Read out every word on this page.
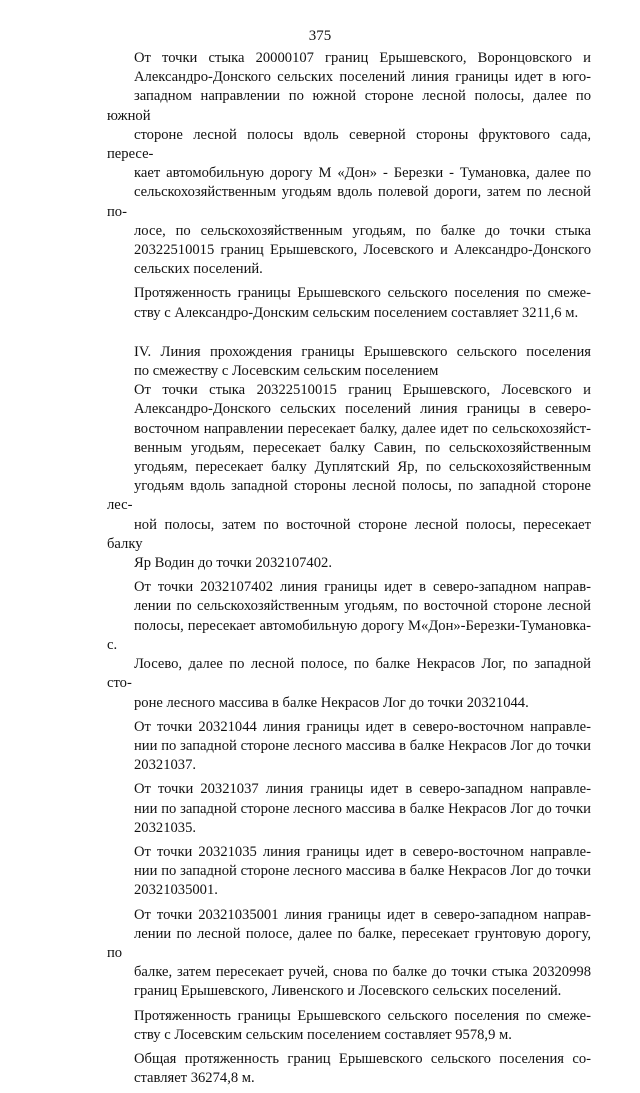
375

От точки стыка 20000107 границ Ерышевского, Воронцовского и
Александро-Донского сельских поселений линия границы идет в юго-
западном направлении по южной стороне лесной полосы, далее по южной
стороне лесной полосы вдоль северной стороны фруктового сада, пересе-
кает автомобильную дорогу М «Дон» - Березки - Тумановка, далее по
сельскохозяйственным угодьям вдоль полевой дороги, затем по лесной по-
лосе, по сельскохозяйственным угодьям, по балке до точки стыка
20322510015 границ Ерышевского, Лосевского и Александро-Донского
сельских поселений.

Протяженность границы Ерышевского сельского поселения по смеже-
ству с Александро-Донским сельским поселением составляет 3211,6 м.

IV. Линия прохождения границы Ерышевского сельского поселения
по смежеству с Лосевским сельским поселением

От точки стыка 20322510015 границ Ерышевского, Лосевского и
Александро-Донского сельских поселений линия границы в северо-
восточном направлении пересекает балку, далее идет по сельскохозяйст-
венным угодьям, пересекает балку Савин, по сельскохозяйственным
угодьям, пересекает балку Дуплятский Яр, по сельскохозяйственным
угодьям вдоль западной стороны лесной полосы, по западной стороне лес-
ной полосы, затем по восточной стороне лесной полосы, пересекает балку
Яр Водин до точки 2032107402.

От точки 2032107402 линия границы идет в северо-западном направ-
лении по сельскохозяйственным угодьям, по восточной стороне лесной
полосы, пересекает автомобильную дорогу М«Дон»-Березки-Тумановка-с.
Лосево, далее по лесной полосе, по балке Некрасов Лог, по западной сто-
роне лесного массива в балке Некрасов Лог до точки 20321044.

От точки 20321044 линия границы идет в северо-восточном направле-
нии по западной стороне лесного массива в балке Некрасов Лог до точки
20321037.

От точки 20321037 линия границы идет в северо-западном направле-
нии по западной стороне лесного массива в балке Некрасов Лог до точки
20321035.

От точки 20321035 линия границы идет в северо-восточном направле-
нии по западной стороне лесного массива в балке Некрасов Лог до точки
20321035001.

От точки 20321035001 линия границы идет в северо-западном направ-
лении по лесной полосе, далее по балке, пересекает грунтовую дорогу, по
балке, затем пересекает ручей, снова по балке до точки стыка 20320998
границ Ерышевского, Ливенского и Лосевского сельских поселений.

Протяженность границы Ерышевского сельского поселения по смеже-
ству с Лосевским сельским поселением составляет 9578,9 м.

Общая протяженность границ Ерышевского сельского поселения со-
ставляет 36274,8 м.
